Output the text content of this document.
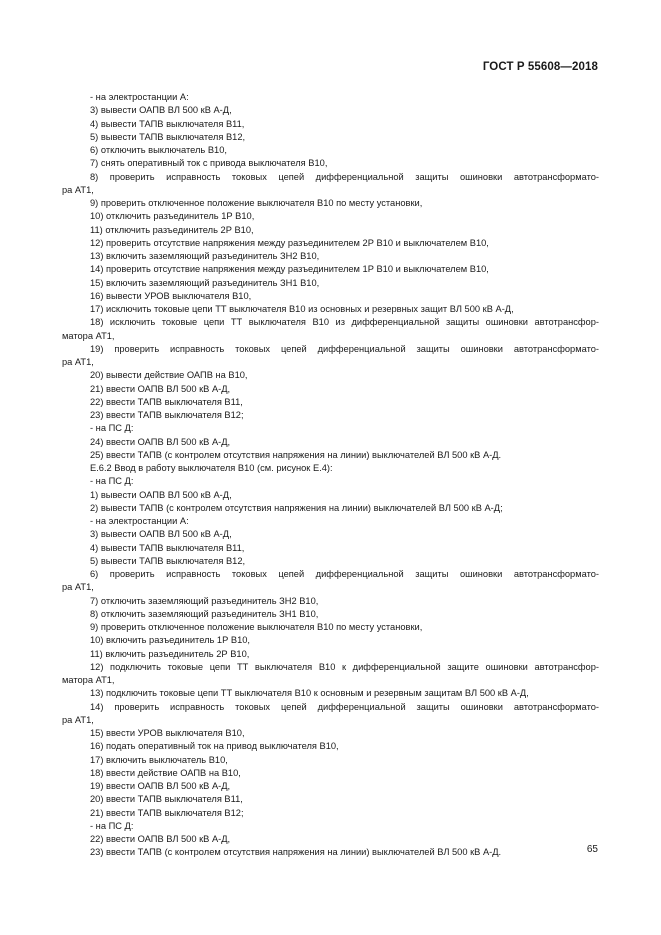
ГОСТ Р 55608—2018
- на электростанции А:
3) вывести ОАПВ ВЛ 500 кВ А-Д,
4) вывести ТАПВ выключателя В11,
5) вывести ТАПВ выключателя В12,
6) отключить выключатель В10,
7) снять оперативный ток с привода выключателя В10,
8) проверить исправность токовых цепей дифференциальной защиты ошиновки автотрансформато-
ра АТ1,
9) проверить отключенное положение выключателя В10 по месту установки,
10) отключить разъединитель 1Р В10,
11) отключить разъединитель 2Р В10,
12) проверить отсутствие напряжения между разъединителем 2Р В10 и выключателем В10,
13) включить заземляющий разъединитель ЗН2 В10,
14) проверить отсутствие напряжения между разъединителем 1Р В10 и выключателем В10,
15) включить заземляющий разъединитель ЗН1 В10,
16) вывести УРОВ выключателя В10,
17) исключить токовые цепи ТТ выключателя В10 из основных и резервных защит ВЛ 500 кВ А-Д,
18) исключить токовые цепи ТТ выключателя В10 из дифференциальной защиты ошиновки автотрансфор-
матора АТ1,
19) проверить исправность токовых цепей дифференциальной защиты ошиновки автотрансформато-
ра АТ1,
20) вывести действие ОАПВ на В10,
21) ввести ОАПВ ВЛ 500 кВ А-Д,
22) ввести ТАПВ выключателя В11,
23) ввести ТАПВ выключателя В12;
- на ПС Д:
24) ввести ОАПВ ВЛ 500 кВ А-Д,
25) ввести ТАПВ (с контролем отсутствия напряжения на линии) выключателей ВЛ 500 кВ А-Д.
Е.6.2 Ввод в работу выключателя В10 (см. рисунок Е.4):
- на ПС Д:
1) вывести ОАПВ ВЛ 500 кВ А-Д,
2) вывести ТАПВ (с контролем отсутствия напряжения на линии) выключателей ВЛ 500 кВ А-Д;
- на электростанции А:
3) вывести ОАПВ ВЛ 500 кВ А-Д,
4) вывести ТАПВ выключателя В11,
5) вывести ТАПВ выключателя В12,
6) проверить исправность токовых цепей дифференциальной защиты ошиновки автотрансформато-
ра АТ1,
7) отключить заземляющий разъединитель ЗН2 В10,
8) отключить заземляющий разъединитель ЗН1 В10,
9) проверить отключенное положение выключателя В10 по месту установки,
10) включить разъединитель 1Р В10,
11) включить разъединитель 2Р В10,
12) подключить токовые цепи ТТ выключателя В10 к дифференциальной защите ошиновки автотрансфор-
матора АТ1,
13) подключить токовые цепи ТТ выключателя В10 к основным и резервным защитам ВЛ 500 кВ А-Д,
14) проверить исправность токовых цепей дифференциальной защиты ошиновки автотрансформато-
ра АТ1,
15) ввести УРОВ выключателя В10,
16) подать оперативный ток на привод выключателя В10,
17) включить выключатель В10,
18) ввести действие ОАПВ на В10,
19) ввести ОАПВ ВЛ 500 кВ А-Д,
20) ввести ТАПВ выключателя В11,
21) ввести ТАПВ выключателя В12;
- на ПС Д:
22) ввести ОАПВ ВЛ 500 кВ А-Д,
23) ввести ТАПВ (с контролем отсутствия напряжения на линии) выключателей ВЛ 500 кВ А-Д.	65
